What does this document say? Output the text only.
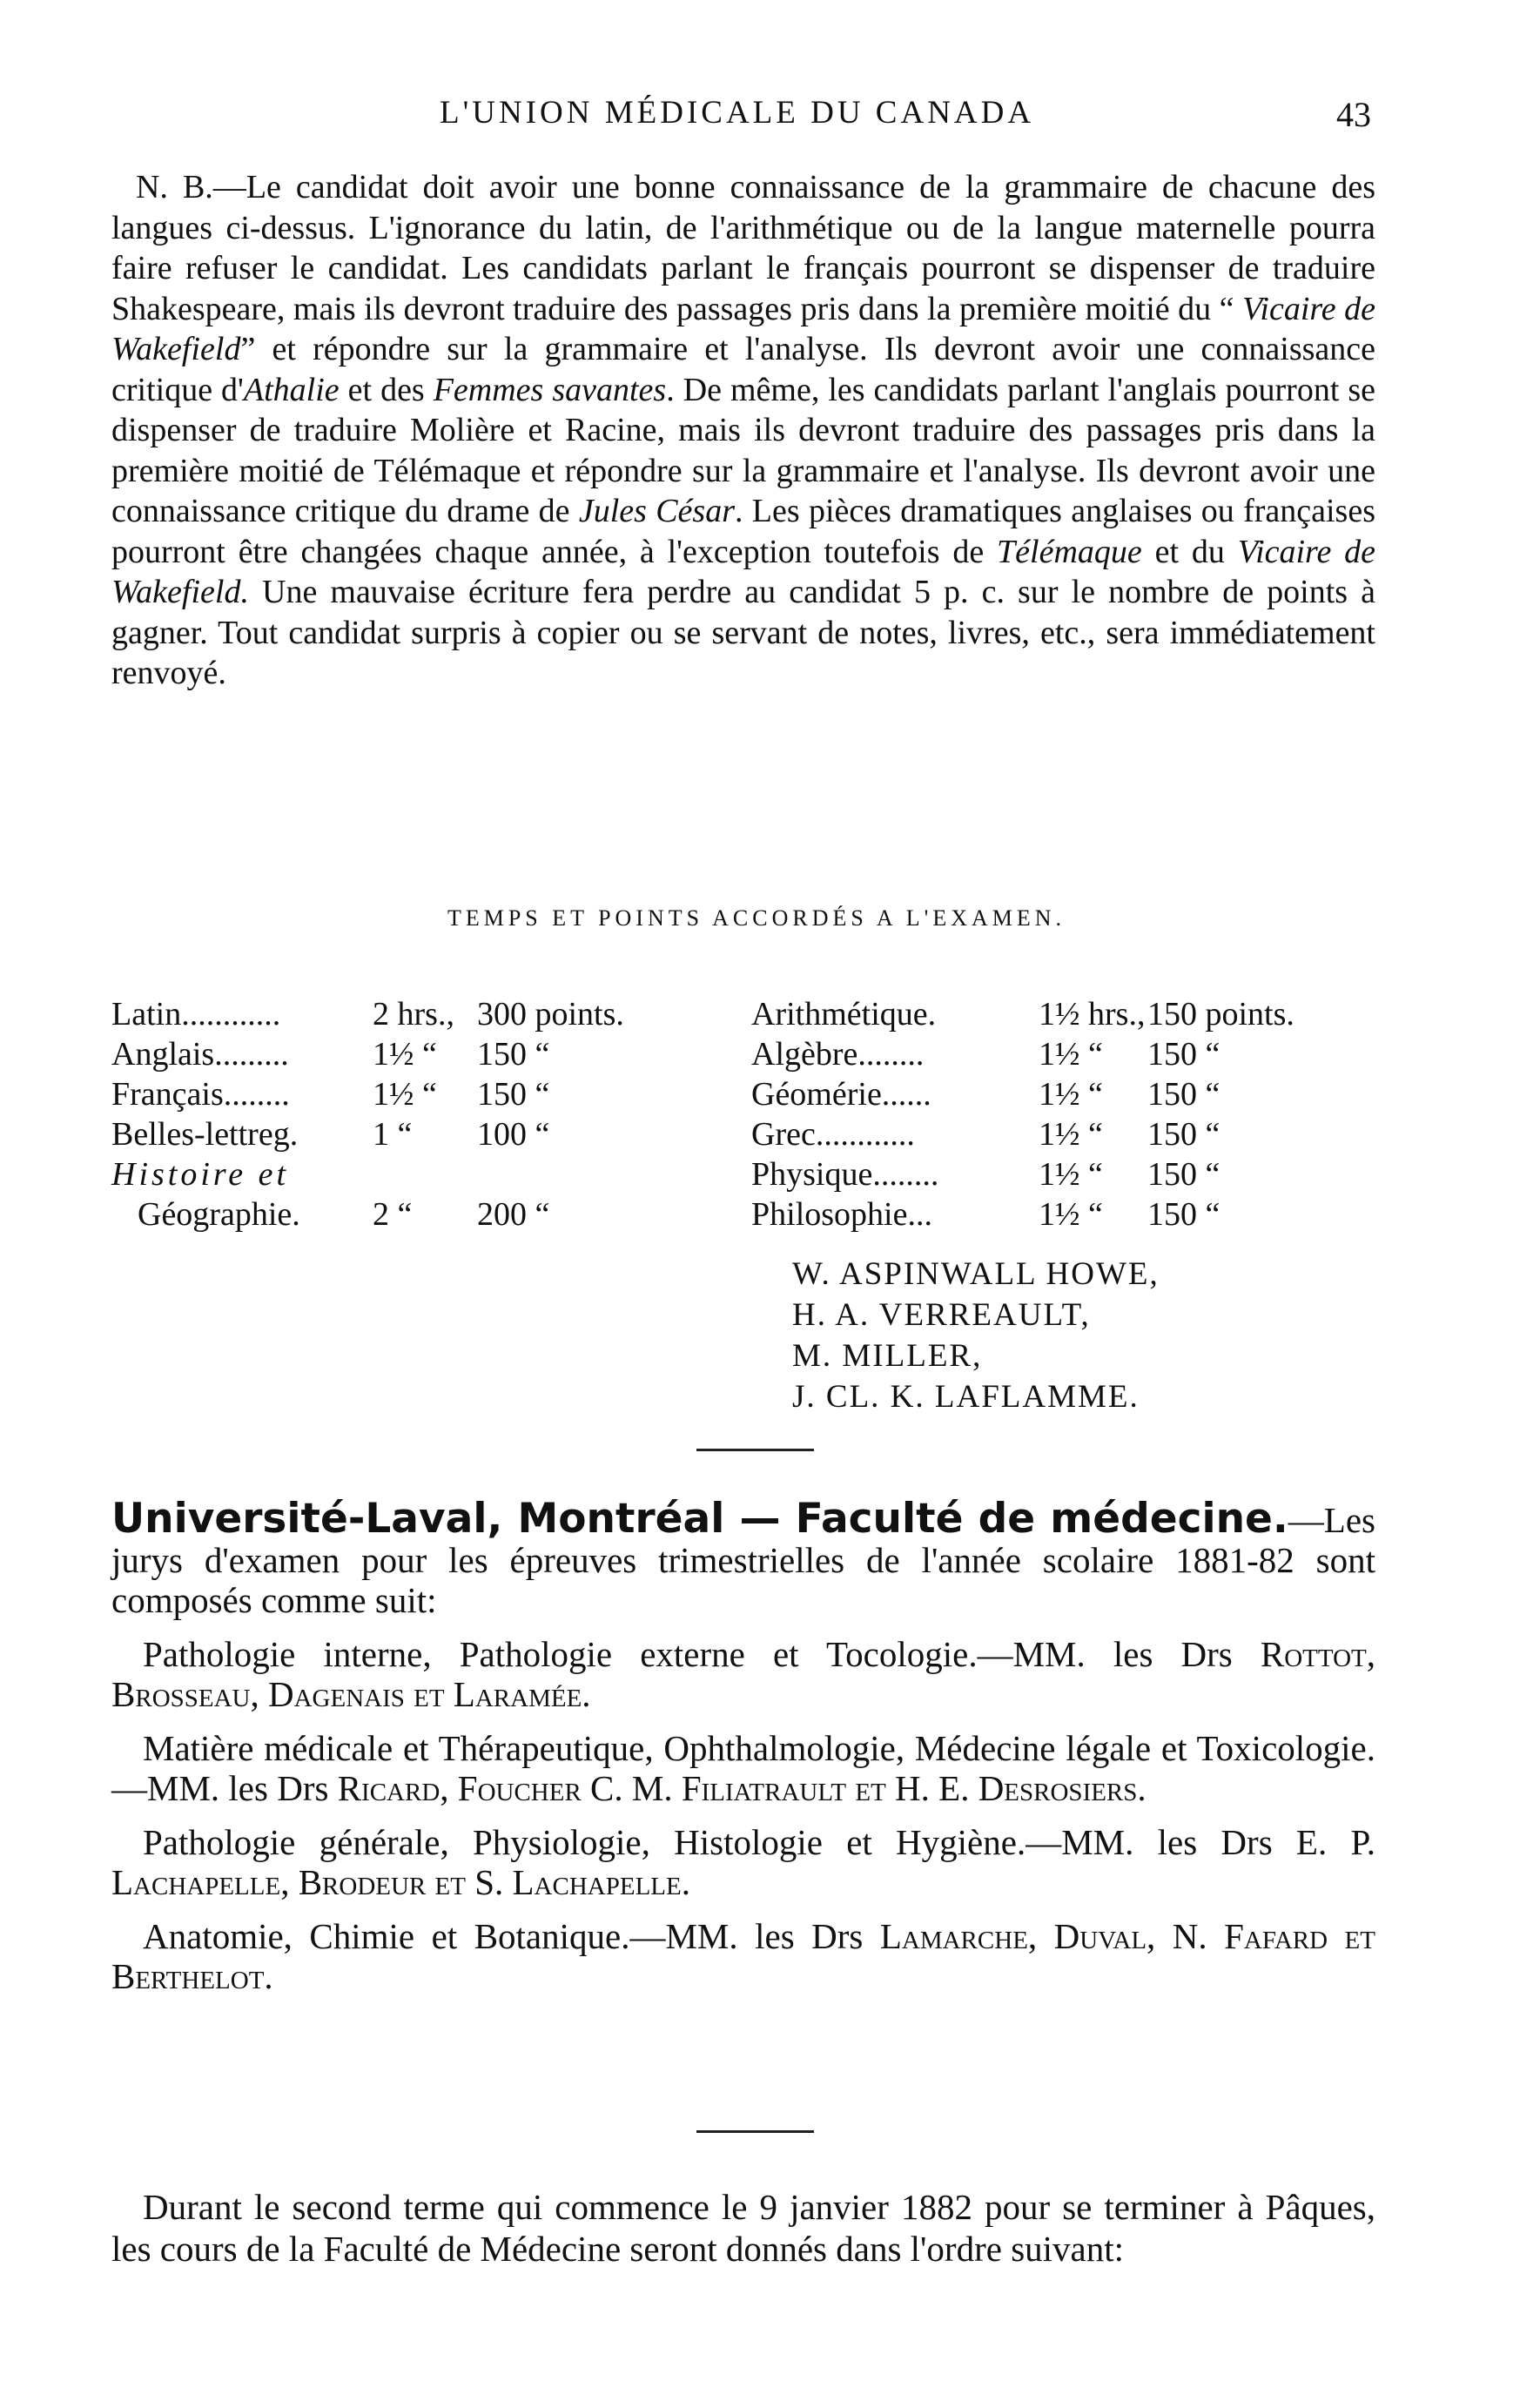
L'UNION MÉDICALE DU CANADA	43
N. B.—Le candidat doit avoir une bonne connaissance de la grammaire de chacune des langues ci-dessus. L'ignorance du latin, de l'arithmétique ou de la langue maternelle pourra faire refuser le candidat. Les candidats parlant le français pourront se dispenser de traduire Shakespeare, mais ils devront traduire des passages pris dans la première moitié du “ Vicaire de Wakefield” et répondre sur la grammaire et l'analyse. Ils devront avoir une connaissance critique d'Athalie et des Femmes savantes. De même, les candidats parlant l'anglais pourront se dispenser de traduire Molière et Racine, mais ils devront traduire des passages pris dans la première moitié de Télémaque et répondre sur la grammaire et l'analyse. Ils devront avoir une connaissance critique du drame de Jules César. Les pièces dramatiques anglaises ou françaises pourront être changées chaque année, à l'exception toutefois de Télémaque et du Vicaire de Wakefield. Une mauvaise écriture fera perdre au candidat 5 p. c. sur le nombre de points à gagner. Tout candidat surpris à copier ou se servant de notes, livres, etc., sera immédiatement renvoyé.
TEMPS ET POINTS ACCORDÉS A L'EXAMEN.
Latin............	2 hrs., 300 points.	Arithmétique.	1½ hrs., 150 points.
Anglais.........	1½ “ 150 “	Algèbre........	1½ “ 150 “
Français........	1½ “ 150 “	Géomérie......	1½ “ 150 “
Belles-lettreg. 1 “ 100 “	Grec............	1½ “ 150 “
Histoire et	Physique........	1½ “ 150 “
Géographie. 2 “ 200 “	Philosophie...	1½ “ 150 “
W. ASPINWALL HOWE,
H. A. VERREAULT,
M. MILLER,
J. CL. K. LAFLAMME.

Université-Laval, Montréal — Faculté de médecine.—Les jurys d'examen pour les épreuves trimestrielles de l'année scolaire 1881-82 sont composés comme suit:

Pathologie interne, Pathologie externe et Tocologie.—MM. les Drs Rottot, Brosseau, Dagenais et Laramée.

Matière médicale et Thérapeutique, Ophthalmologie, Médecine légale et Toxicologie.—MM. les Drs Ricard, Foucher C. M. Filiatrault et H. E. Desrosiers.

Pathologie générale, Physiologie, Histologie et Hygiène.—MM. les Drs E. P. Lachapelle, Brodeur et S. Lachapelle.

Anatomie, Chimie et Botanique.—MM. les Drs Lamarche, Duval, N. Fafard et Berthelot.

Durant le second terme qui commence le 9 janvier 1882 pour se terminer à Pâques, les cours de la Faculté de Médecine seront donnés dans l'ordre suivant:
